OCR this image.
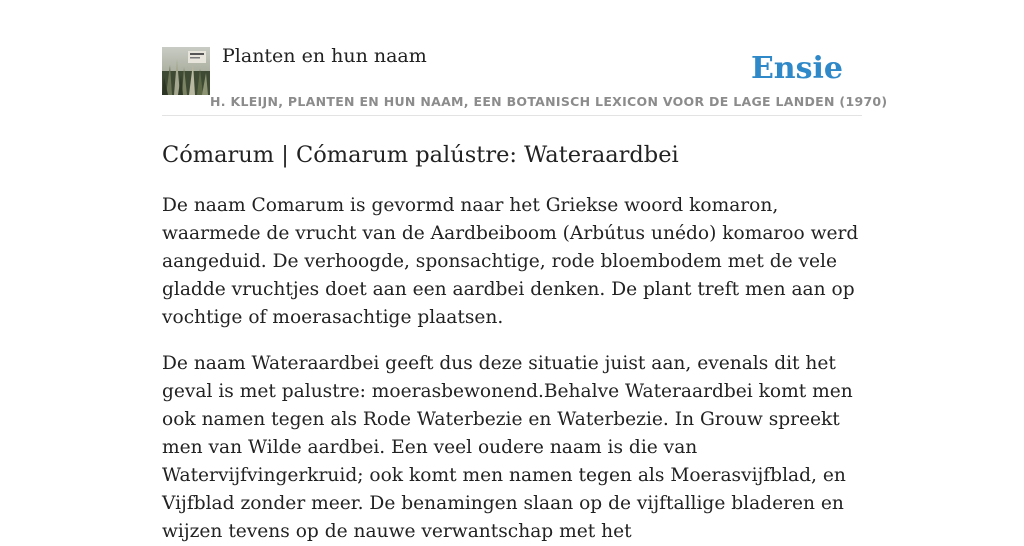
Planten en hun naam	Ensie
H. KLEIJN, PLANTEN EN HUN NAAM, EEN BOTANISCH LEXICON VOOR DE LAGE LANDEN (1970)
Cómarum | Cómarum palústre: Wateraardbei

De naam Comarum is gevormd naar het Griekse woord komaron, waarmede de vrucht van de Aardbeiboom (Arbútus unédo) komaroo werd aangeduid. De verhoogde, sponsachtige, rode bloembodem met de vele gladde vruchtjes doet aan een aardbei denken. De plant treft men aan op vochtige of moerasachtige plaatsen.

De naam Wateraardbei geeft dus deze situatie juist aan, evenals dit het geval is met palustre: moerasbewonend.Behalve Wateraardbei komt men ook namen tegen als Rode Waterbezie en Waterbezie. In Grouw spreekt men van Wilde aardbei. Een veel oudere naam is die van Watervijfvingerkruid; ook komt men namen tegen als Moerasvijfblad, en Vijfblad zonder meer. De benamingen slaan op de vijftallige bladeren en wijzen tevens op de nauwe verwantschap met het
